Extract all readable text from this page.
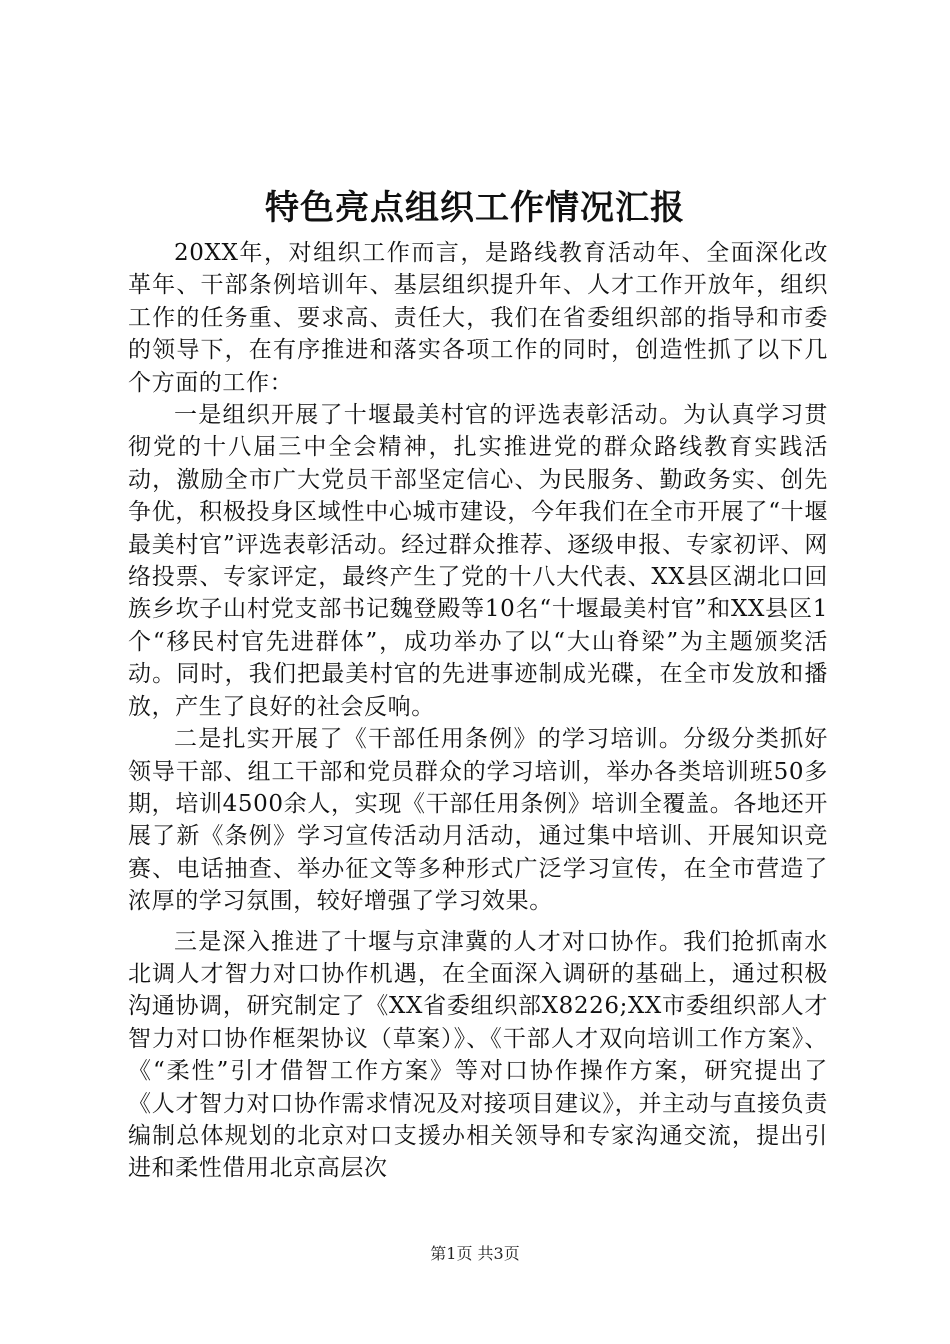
特色亮点组织工作情况汇报

20XX年，对组织工作而言，是路线教育活动年、全面深化改革年、干部条例培训年、基层组织提升年、人才工作开放年，组织工作的任务重、要求高、责任大，我们在省委组织部的指导和市委的领导下，在有序推进和落实各项工作的同时，创造性抓了以下几个方面的工作：

一是组织开展了十堰最美村官的评选表彰活动。为认真学习贯彻党的十八届三中全会精神，扎实推进党的群众路线教育实践活动，激励全市广大党员干部坚定信心、为民服务、勤政务实、创先争优，积极投身区域性中心城市建设，今年我们在全市开展了“十堰最美村官”评选表彰活动。经过群众推荐、逐级申报、专家初评、网络投票、专家评定，最终产生了党的十八大代表、XX县区湖北口回族乡坎子山村党支部书记魏登殿等10名“十堰最美村官”和XX县区1个“移民村官先进群体”，成功举办了以“大山脊梁”为主题颁奖活动。同时，我们把最美村官的先进事迹制成光碟，在全市发放和播放，产生了良好的社会反响。

二是扎实开展了《干部任用条例》的学习培训。分级分类抓好领导干部、组工干部和党员群众的学习培训，举办各类培训班50多期，培训4500余人，实现《干部任用条例》培训全覆盖。各地还开展了新《条例》学习宣传活动月活动，通过集中培训、开展知识竞赛、电话抽查、举办征文等多种形式广泛学习宣传，在全市营造了浓厚的学习氛围，较好增强了学习效果。

三是深入推进了十堰与京津冀的人才对口协作。我们抢抓南水北调人才智力对口协作机遇，在全面深入调研的基础上，通过积极沟通协调，研究制定了《XX省委组织部X8226;XX市委组织部人才智力对口协作框架协议（草案）》、《干部人才双向培训工作方案》、《“柔性”引才借智工作方案》等对口协作操作方案，研究提出了《人才智力对口协作需求情况及对接项目建议》，并主动与直接负责编制总体规划的北京对口支援办相关领导和专家沟通交流，提出引进和柔性借用北京高层次

第1页 共3页
